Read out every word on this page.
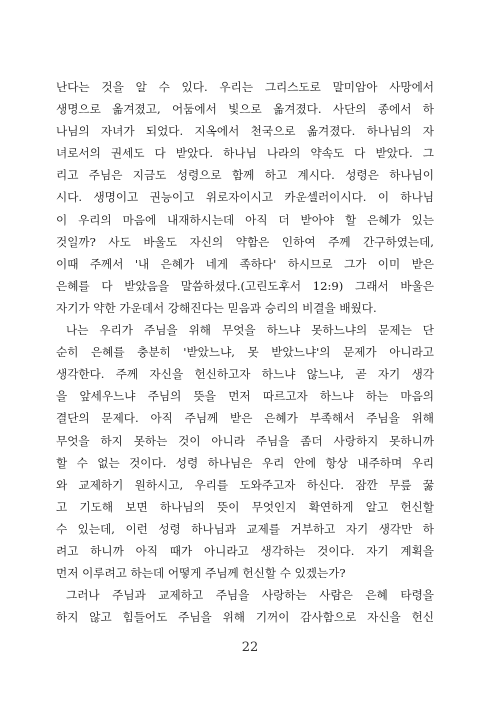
난다는 것을 알 수 있다. 우리는 그리스도로 말미암아 사망에서
생명으로 옮겨졌고, 어둠에서 빛으로 옮겨졌다. 사단의 종에서 하
나님의 자녀가 되었다. 지옥에서 천국으로 옮겨졌다. 하나님의 자
녀로서의 권세도 다 받았다. 하나님 나라의 약속도 다 받았다. 그
리고 주님은 지금도 성령으로 함께 하고 계시다. 성령은 하나님이
시다. 생명이고 권능이고 위로자이시고 카운셀러이시다. 이 하나님
이 우리의 마음에 내재하시는데 아직 더 받아야 할 은혜가 있는
것일까? 사도 바울도 자신의 약함은 인하여 주께 간구하였는데,
이때 주께서 '내 은혜가 네게 족하다' 하시므로 그가 이미 받은
은혜를 다 받았음을 말씀하셨다.(고린도후서 12:9) 그래서 바울은
자기가 약한 가운데서 강해진다는 믿음과 승리의 비결을 배웠다.
나는 우리가 주님을 위해 무엇을 하느냐 못하느냐의 문제는 단
순히 은혜를 충분히 '받았느냐, 못 받았느냐'의 문제가 아니라고
생각한다. 주께 자신을 헌신하고자 하느냐 않느냐, 곧 자기 생각
을 앞세우느냐 주님의 뜻을 먼저 따르고자 하느냐 하는 마음의
결단의 문제다. 아직 주님께 받은 은혜가 부족해서 주님을 위해
무엇을 하지 못하는 것이 아니라 주님을 좀더 사랑하지 못하니까
할 수 없는 것이다. 성령 하나님은 우리 안에 항상 내주하며 우리
와 교제하기 원하시고, 우리를 도와주고자 하신다. 잠깐 무릎 꿇
고 기도해 보면 하나님의 뜻이 무엇인지 확연하게 알고 헌신할
수 있는데, 이런 성령 하나님과 교제를 거부하고 자기 생각만 하
려고 하니까 아직 때가 아니라고 생각하는 것이다. 자기 계획을
먼저 이루려고 하는데 어떻게 주님께 헌신할 수 있겠는가?
그러나 주님과 교제하고 주님을 사랑하는 사람은 은혜 타령을
하지 않고 힘들어도 주님을 위해 기꺼이 감사함으로 자신을 헌신
22
